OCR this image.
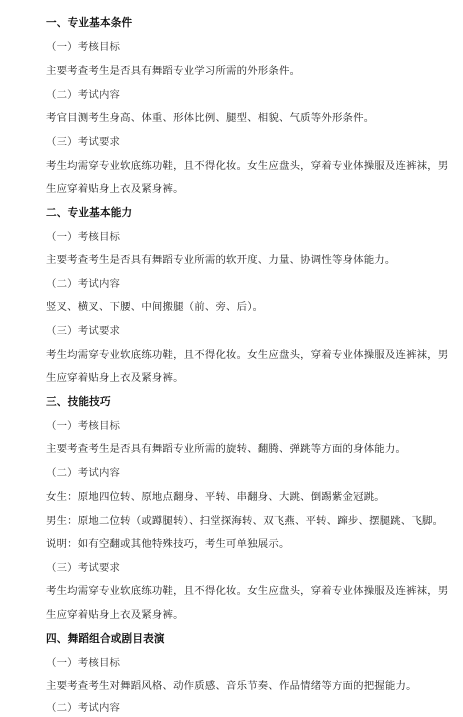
一、专业基本条件
（一）考核目标
主要考查考生是否具有舞蹈专业学习所需的外形条件。
（二）考试内容
考官目测考生身高、体重、形体比例、腿型、相貌、气质等外形条件。
（三）考试要求
考生均需穿专业软底练功鞋，且不得化妆。女生应盘头，穿着专业体操服及连裤袜，男
生应穿着贴身上衣及紧身裤。
二、专业基本能力
（一）考核目标
主要考查考生是否具有舞蹈专业所需的软开度、力量、协调性等身体能力。
（二）考试内容
竖叉、横叉、下腰、中间搬腿（前、旁、后）。
（三）考试要求
考生均需穿专业软底练功鞋，且不得化妆。女生应盘头，穿着专业体操服及连裤袜，男
生应穿着贴身上衣及紧身裤。
三、技能技巧
（一）考核目标
主要考查考生是否具有舞蹈专业所需的旋转、翻腾、弹跳等方面的身体能力。
（二）考试内容
女生：原地四位转、原地点翻身、平转、串翻身、大跳、倒踢紫金冠跳。
男生：原地二位转（或蹲腿转）、扫堂探海转、双飞燕、平转、蹿步、摆腿跳、飞脚。
说明：如有空翻或其他特殊技巧，考生可单独展示。
（三）考试要求
考生均需穿专业软底练功鞋，且不得化妆。女生应盘头，穿着专业体操服及连裤袜，男
生应穿着贴身上衣及紧身裤。
四、舞蹈组合或剧目表演
（一）考核目标
主要考查考生对舞蹈风格、动作质感、音乐节奏、作品情绪等方面的把握能力。
（二）考试内容
